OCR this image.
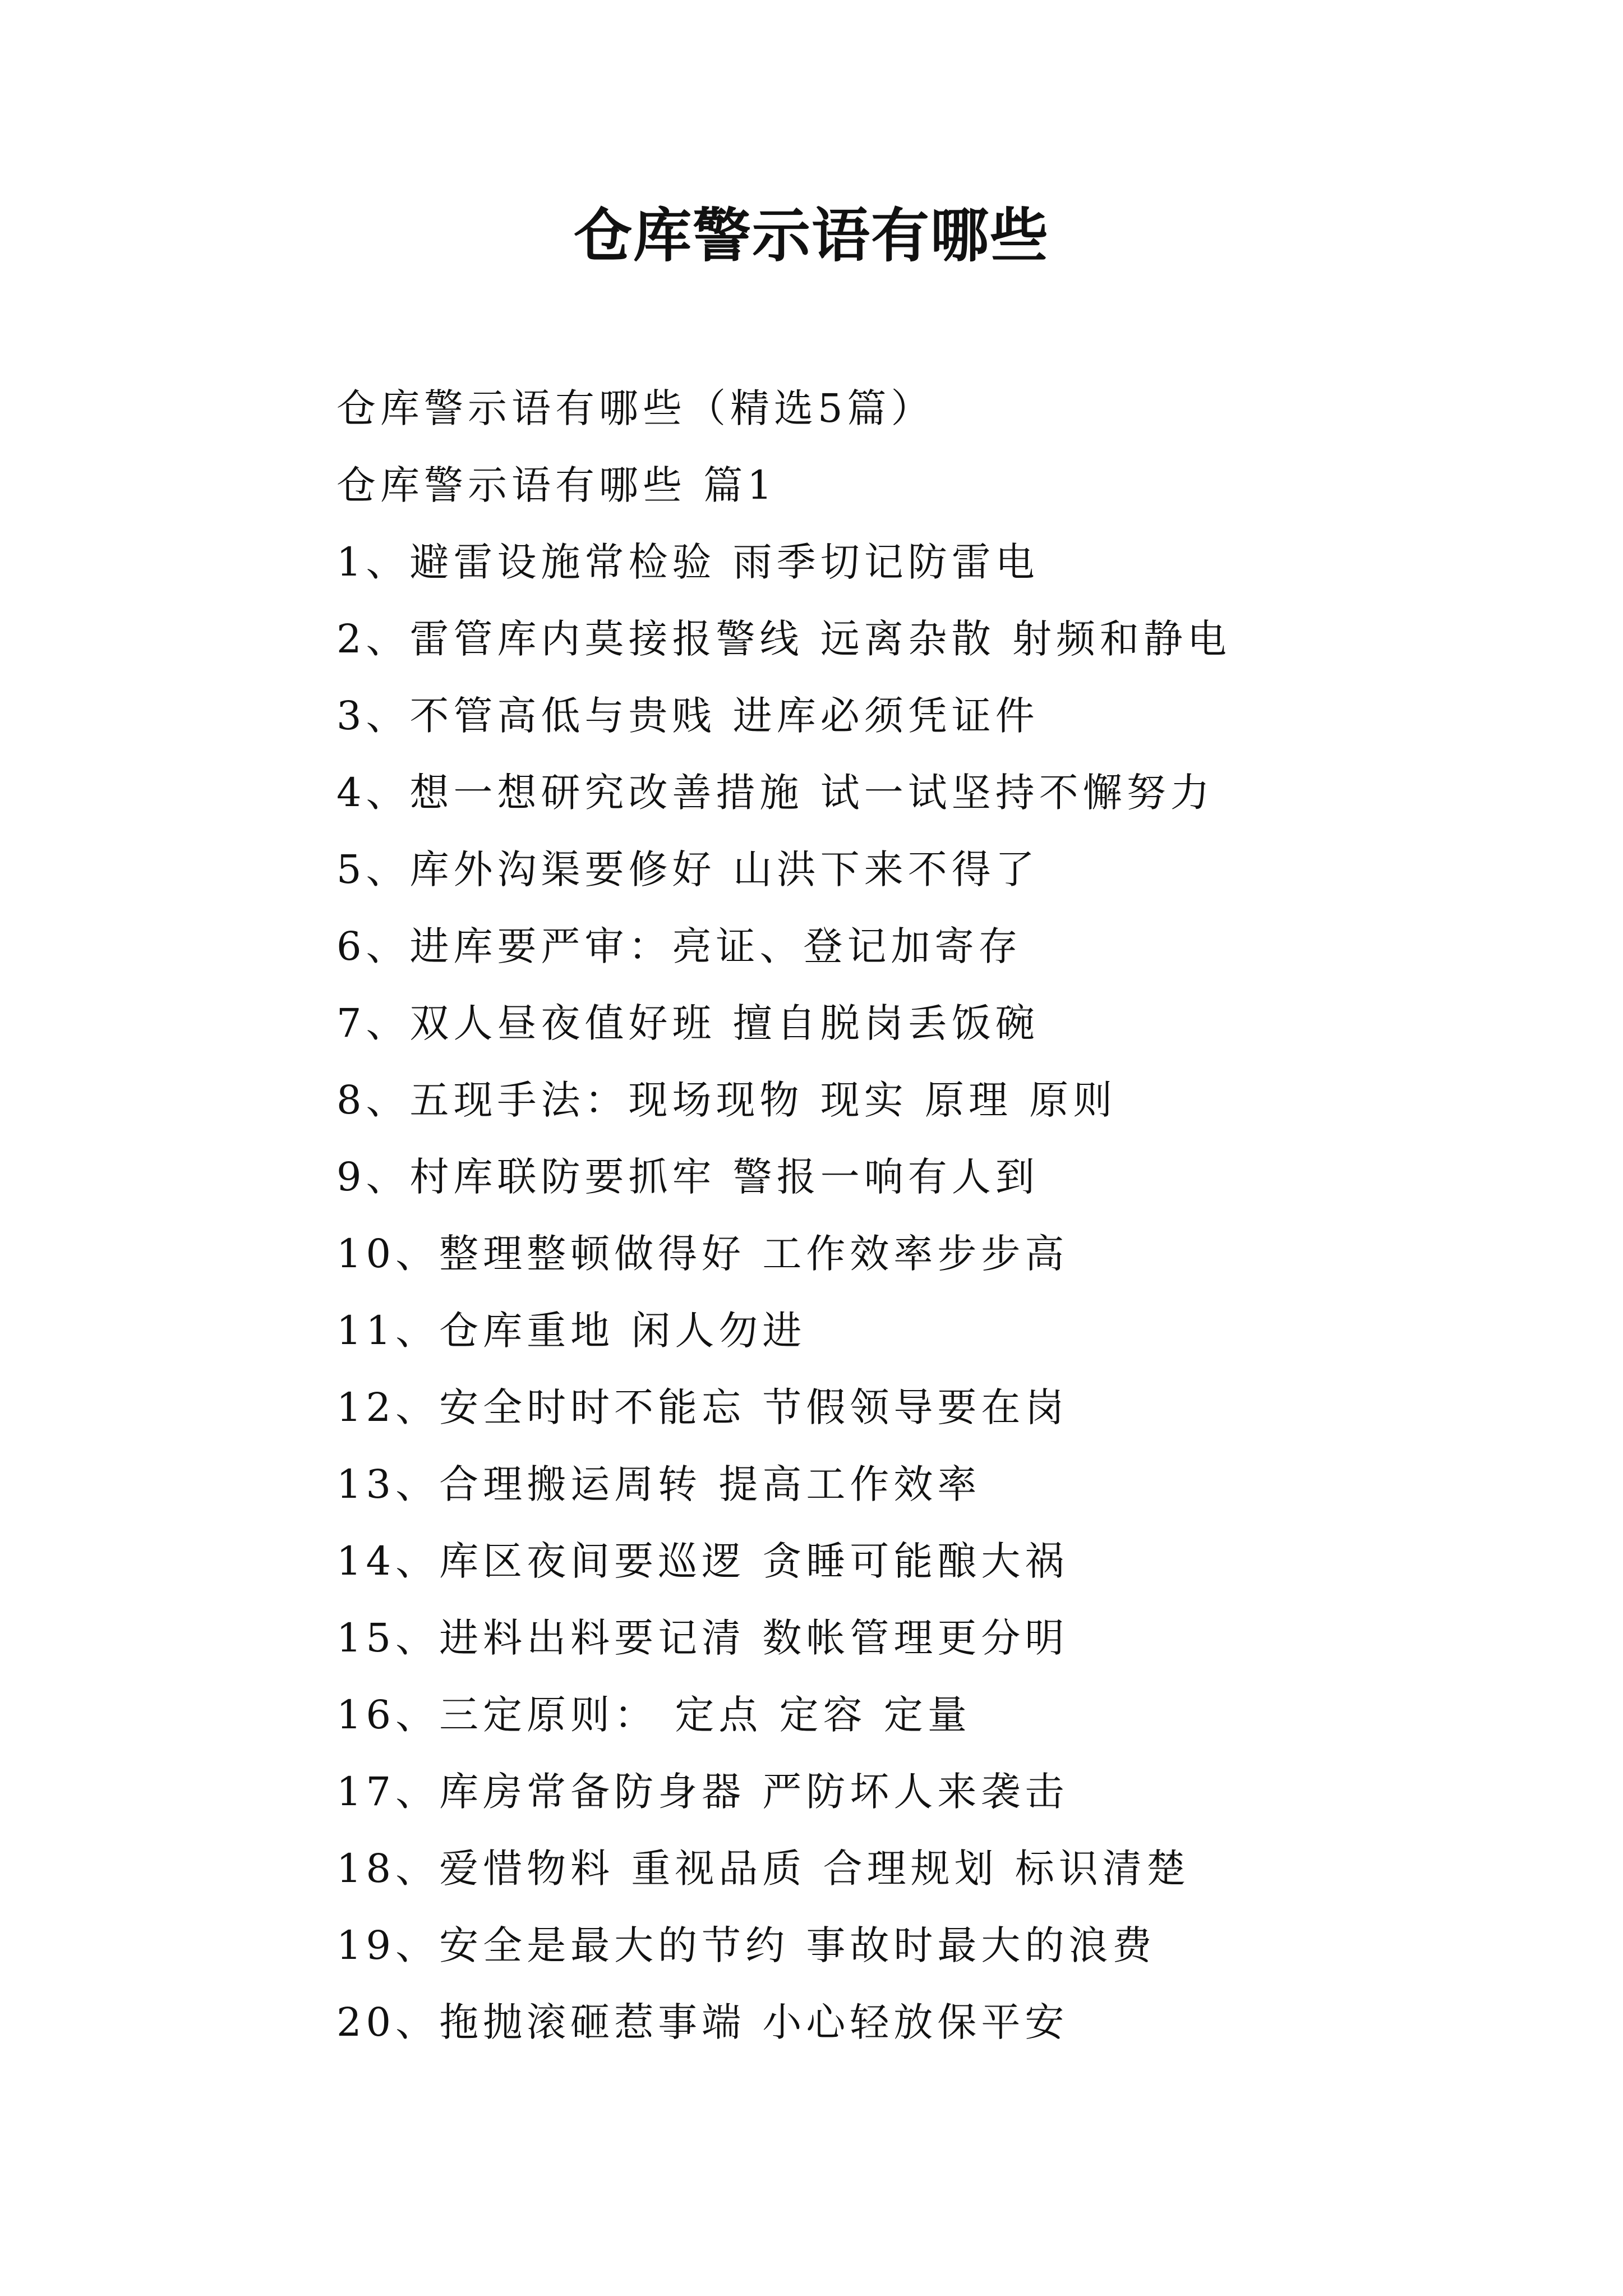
仓库警示语有哪些
仓库警示语有哪些（精选5篇）
仓库警示语有哪些 篇1
1、避雷设施常检验 雨季切记防雷电
2、雷管库内莫接报警线 远离杂散 射频和静电
3、不管高低与贵贱 进库必须凭证件
4、想一想研究改善措施 试一试坚持不懈努力
5、库外沟渠要修好 山洪下来不得了
6、进库要严审：亮证、登记加寄存
7、双人昼夜值好班 擅自脱岗丢饭碗
8、五现手法：现场现物 现实 原理 原则
9、村库联防要抓牢 警报一响有人到
10、整理整顿做得好 工作效率步步高
11、仓库重地 闲人勿进
12、安全时时不能忘 节假领导要在岗
13、合理搬运周转 提高工作效率
14、库区夜间要巡逻 贪睡可能酿大祸
15、进料出料要记清 数帐管理更分明
16、三定原则： 定点 定容 定量
17、库房常备防身器 严防坏人来袭击
18、爱惜物料 重视品质 合理规划 标识清楚
19、安全是最大的节约 事故时最大的浪费
20、拖抛滚砸惹事端 小心轻放保平安
